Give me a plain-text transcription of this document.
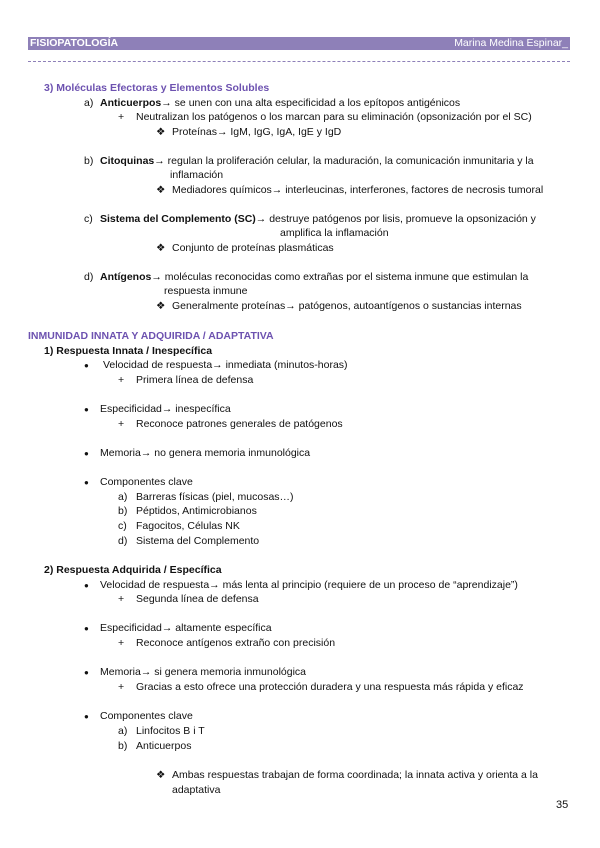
FISIOPATOLOGÍA	Marina Medina Espinar_
3) Moléculas Efectoras y Elementos Solubles
a) Anticuerpos→ se unen con una alta especificidad a los epítopos antigénicos
+ Neutralizan los patógenos o los marcan para su eliminación (opsonización por el SC)
❖ Proteínas→ IgM, IgG, IgA, IgE y IgD
b) Citoquinas→ regulan la proliferación celular, la maduración, la comunicación inmunitaria y la
inflamación
❖ Mediadores químicos→ interleucinas, interferones, factores de necrosis tumoral
c) Sistema del Complemento (SC)→ destruye patógenos por lisis, promueve la opsonización y
amplifica la inflamación
❖ Conjunto de proteínas plasmáticas
d) Antígenos→ moléculas reconocidas como extrañas por el sistema inmune que estimulan la
respuesta inmune
❖ Generalmente proteínas→ patógenos, autoantígenos o sustancias internas
INMUNIDAD INNATA Y ADQUIRIDA / ADAPTATIVA
1) Respuesta Innata / Inespecífica
● Velocidad de respuesta→ inmediata (minutos-horas)
+ Primera línea de defensa
● Especificidad→ inespecífica
+ Reconoce patrones generales de patógenos
● Memoria→ no genera memoria inmunológica
● Componentes clave
a) Barreras físicas (piel, mucosas…)
b) Péptidos, Antimicrobianos
c) Fagocitos, Células NK
d) Sistema del Complemento
2) Respuesta Adquirida / Específica
● Velocidad de respuesta→ más lenta al principio (requiere de un proceso de “aprendizaje”)
+ Segunda línea de defensa
● Especificidad→ altamente específica
+ Reconoce antígenos extraño con precisión
● Memoria→ si genera memoria inmunológica
+ Gracias a esto ofrece una protección duradera y una respuesta más rápida y eficaz
● Componentes clave
a) Linfocitos B i T
b) Anticuerpos
❖ Ambas respuestas trabajan de forma coordinada; la innata activa y orienta a la
adaptativa
35
